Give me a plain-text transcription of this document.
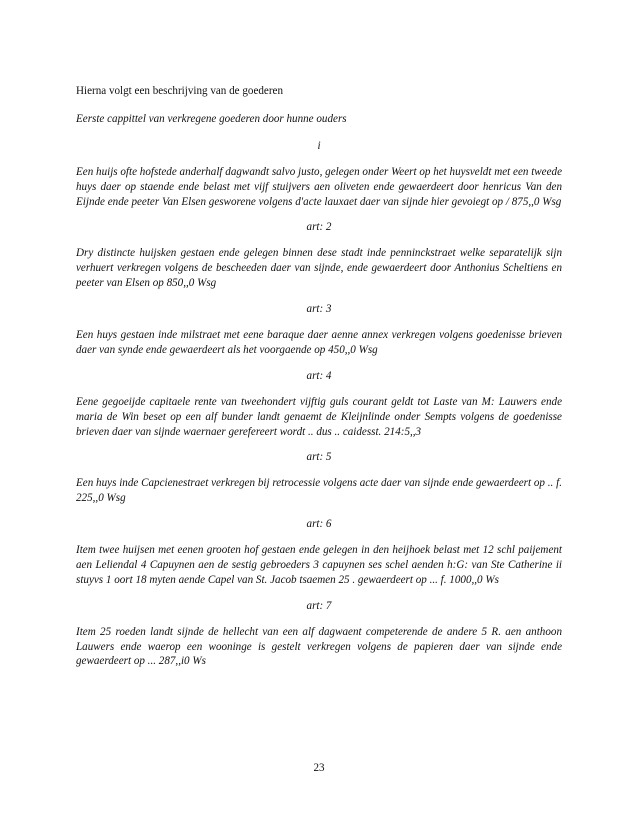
Hierna volgt een beschrijving van de goederen
Eerste cappittel van verkregene goederen door hunne ouders
i
Een huijs ofte hofstede anderhalf dagwandt salvo justo, gelegen onder Weert op het huysveldt met een tweede huys daer op staende ende belast met vijf stuijvers aen oliveten ende gewaerdeert door henricus Van den Eijnde ende peeter Van Elsen gesworene volgens d'acte lauxaet daer van sijnde hier gevoiegt op / 875,,0 Wsg
art: 2
Dry distincte huijsken gestaen ende gelegen binnen dese stadt inde penninckstraet welke separatelijk sijn verhuert verkregen volgens de bescheeden daer van sijnde, ende gewaerdeert door Anthonius Scheltiens en peeter van Elsen op 850,,0 Wsg
art: 3
Een huys gestaen inde milstraet met eene baraque daer aenne annex verkregen volgens goedenisse brieven daer van synde ende gewaerdeert als het voorgaende op 450,,0 Wsg
art: 4
Eene gegoeijde capitaele rente van tweehondert vijftig guls courant geldt tot Laste van M: Lauwers ende maria de Win beset op een alf bunder landt genaemt de Kleijnlinde onder Sempts volgens de goedenisse brieven daer van sijnde waernaer gerefereert wordt .. dus .. caidesst. 214:5,,3
art: 5
Een huys inde Capcienestraet verkregen bij retrocessie volgens acte daer van sijnde ende gewaerdeert op .. f. 225,,0 Wsg
art: 6
Item twee huijsen met eenen grooten hof gestaen ende gelegen in den heijhoek belast met 12 schl paijement aen Leliendal 4 Capuynen aen de sestig gebroeders 3 capuynen ses schel aenden h:G: van Ste Catherine ii stuyvs 1 oort 18 myten aende Capel van St. Jacob tsaemen 25 . gewaerdeert op ... f. 1000,,0 Ws
art: 7
Item 25 roeden landt sijnde de hellecht van een alf dagwaent competerende de andere 5 R. aen anthoon Lauwers ende waerop een wooninge is gestelt verkregen volgens de papieren daer van sijnde ende gewaerdeert op ... 287,,i0 Ws
23
